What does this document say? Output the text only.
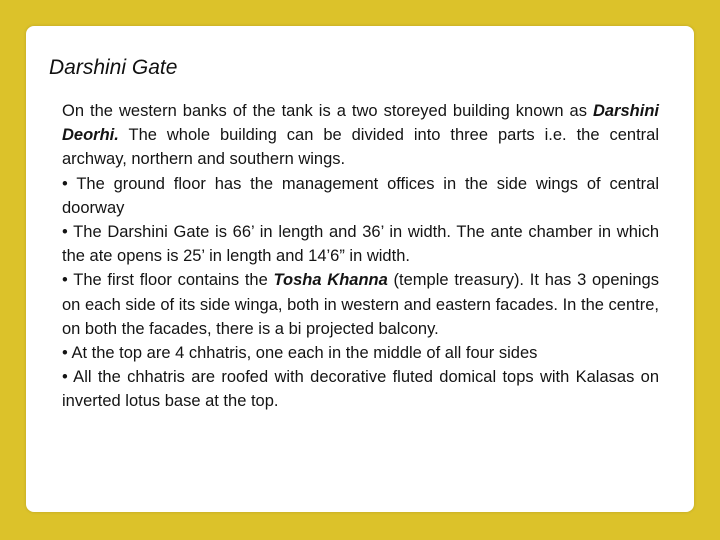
Darshini Gate

On the western banks of the tank is a two storeyed building known as Darshini Deorhi. The whole building can be divided into three parts i.e. the central archway, northern and southern wings.

• The ground floor has the management offices in the side wings of central doorway

• The Darshini Gate is 66’ in length and 36’ in width. The ante chamber in which the ate opens is 25’ in length and 14’6” in width.

• The first floor contains the Tosha Khanna (temple treasury). It has 3 openings on each side of its side winga, both in western and eastern facades. In the centre, on both the facades, there is a bi projected balcony.

• At the top are 4 chhatris, one each in the middle of all four sides

• All the chhatris are roofed with decorative fluted domical tops with Kalasas on inverted lotus base at the top.
